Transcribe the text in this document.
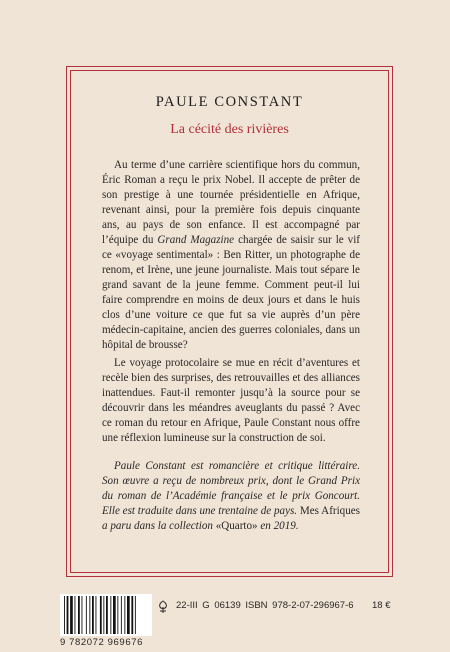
PAULE CONSTANT
La cécité des rivières

Au terme d’une carrière scientifique hors du commun, Éric Roman a reçu le prix Nobel. Il accepte de prêter de son prestige à une tournée présidentielle en Afrique, revenant ainsi, pour la première fois depuis cinquante ans, au pays de son enfance. Il est accompagné par l’équipe du Grand Magazine chargée de saisir sur le vif ce «voyage sentimental» : Ben Ritter, un photographe de renom, et Irène, une jeune journaliste. Mais tout sépare le grand savant de la jeune femme. Comment peut-il lui faire comprendre en moins de deux jours et dans le huis clos d’une voiture ce que fut sa vie auprès d’un père médecin-capitaine, ancien des guerres coloniales, dans un hôpital de brousse?

Le voyage protocolaire se mue en récit d’aventures et recèle bien des surprises, des retrouvailles et des alliances inattendues. Faut-il remonter jusqu’à la source pour se découvrir dans les méandres aveuglants du passé ? Avec ce roman du retour en Afrique, Paule Constant nous offre une réflexion lumineuse sur la construction de soi.

Paule Constant est romancière et critique littéraire. Son œuvre a reçu de nombreux prix, dont le Grand Prix du roman de l’Académie française et le prix Goncourt. Elle est traduite dans une trentaine de pays. Mes Afriques a paru dans la collection «Quarto» en 2019.

9 782072 969676
22-III G 06139 ISBN 978-2-07-296967-6 18 €
